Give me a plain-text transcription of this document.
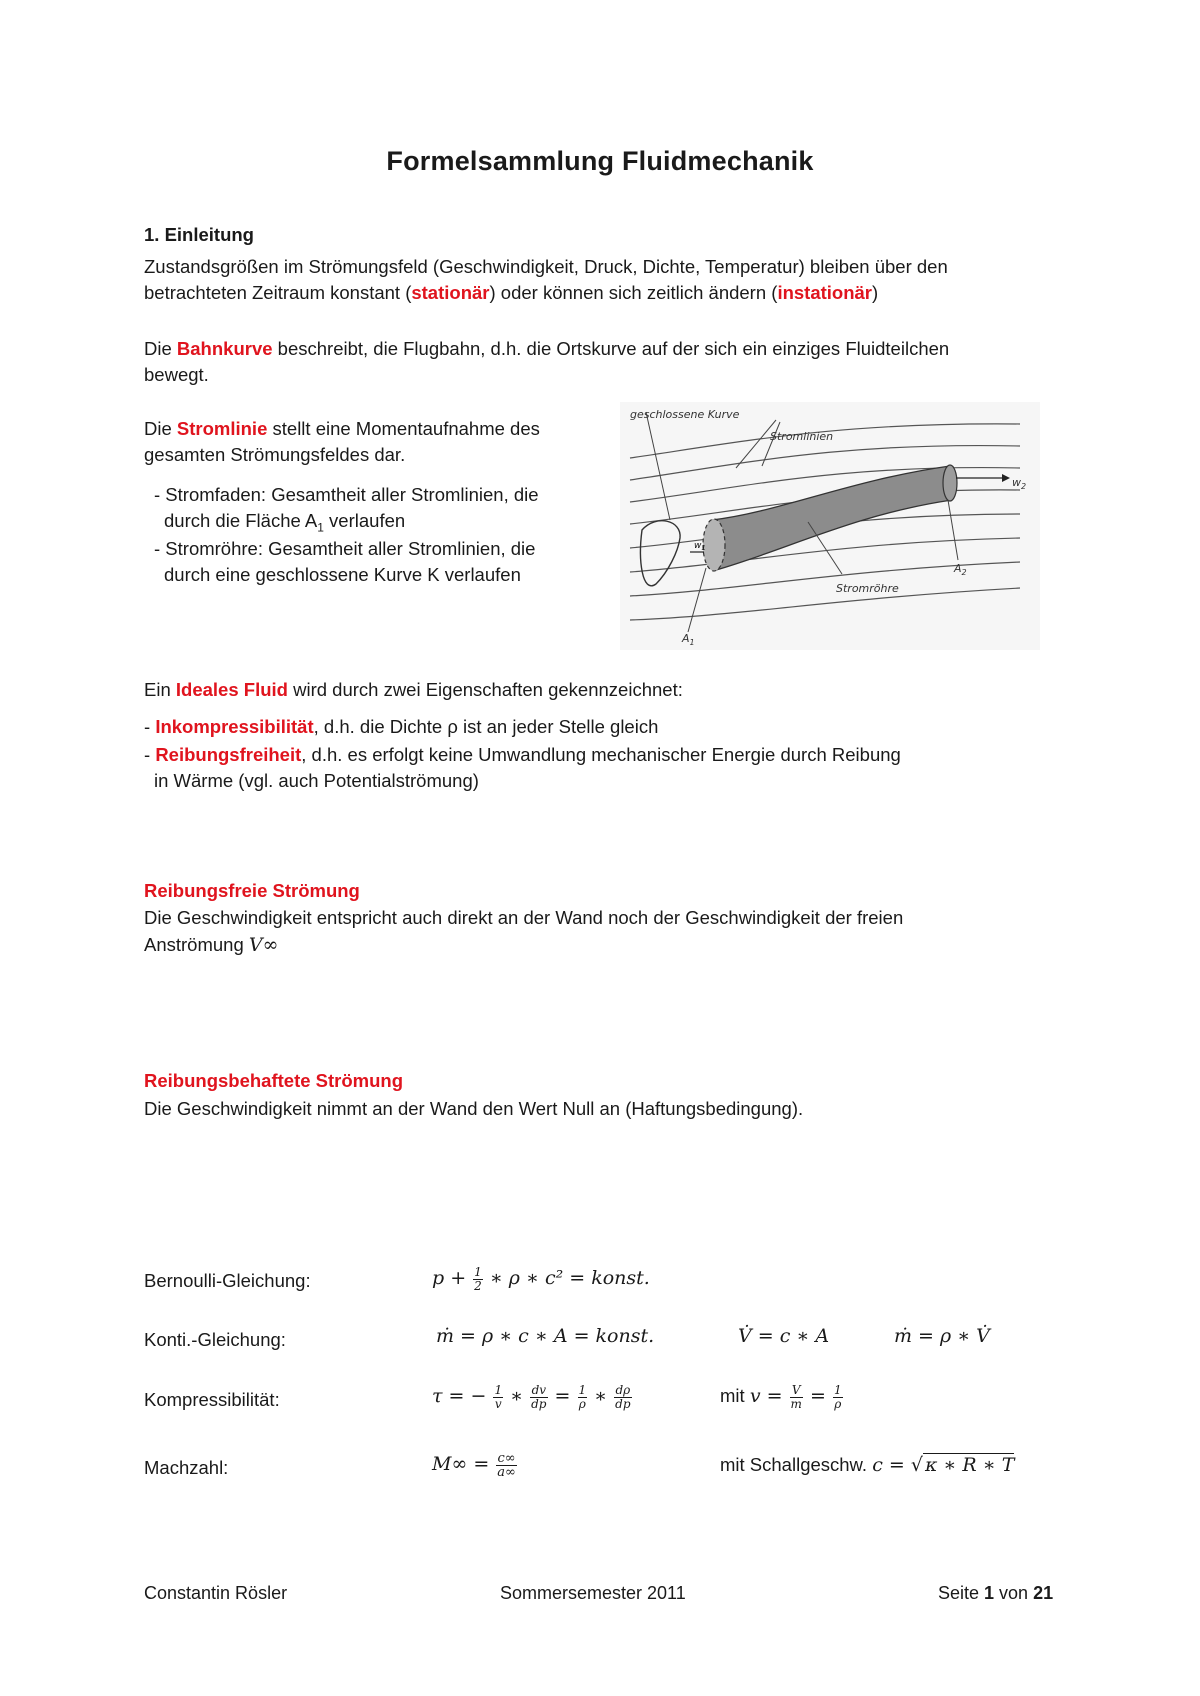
Formelsammlung Fluidmechanik
1. Einleitung
Zustandsgrößen im Strömungsfeld (Geschwindigkeit, Druck, Dichte, Temperatur) bleiben über den
betrachteten Zeitraum konstant (stationär) oder können sich zeitlich ändern (instationär)
Die Bahnkurve beschreibt, die Flugbahn, d.h. die Ortskurve auf der sich ein einziges Fluidteilchen
bewegt.
Die Stromlinie stellt eine Momentaufnahme des
gesamten Strömungsfeldes dar.
- Stromfaden: Gesamtheit aller Stromlinien, die
durch die Fläche $A_1$ verlaufen
- Stromröhre: Gesamtheit aller Stromlinien, die
durch eine geschlossene Kurve K verlaufen
geschlossene Kurve
Stromlinien
Stromröhre
$w_2$
$w_1$
$A_2$
$A_1$
Ein Ideales Fluid wird durch zwei Eigenschaften gekennzeichnet:
- Inkompressibilität, d.h. die Dichte ρ ist an jeder Stelle gleich
- Reibungsfreiheit, d.h. es erfolgt keine Umwandlung mechanischer Energie durch Reibung
in Wärme (vgl. auch Potentialströmung)
Reibungsfreie Strömung
Die Geschwindigkeit entspricht auch direkt an der Wand noch der Geschwindigkeit der freien
Anströmung V∞
Reibungsbehaftete Strömung
Die Geschwindigkeit nimmt an der Wand den Wert Null an (Haftungsbedingung).
Bernoulli-Gleichung:	$p + \frac{1}{2}$ ∗ ρ ∗ c² = konst.
Konti.-Gleichung:	ṁ = ρ ∗ c ∗ A = konst.	V̇ = c ∗ A	ṁ = ρ ∗ V̇
Kompressibilität:	τ = − $\frac{1}{v}$ ∗ $\frac{dv}{dp} = \frac{1}{\rho}$ ∗ $\frac{d\rho}{dp}$	mit $v = \frac{V}{m} = \frac{1}{\rho}$
Machzahl:	$M\infty = \frac{c\infty}{a\infty}$	mit Schallgeschw. c = √ κ ∗ R ∗ T
Constantin Rösler	Sommersemester 2011	Seite 1 von 21
